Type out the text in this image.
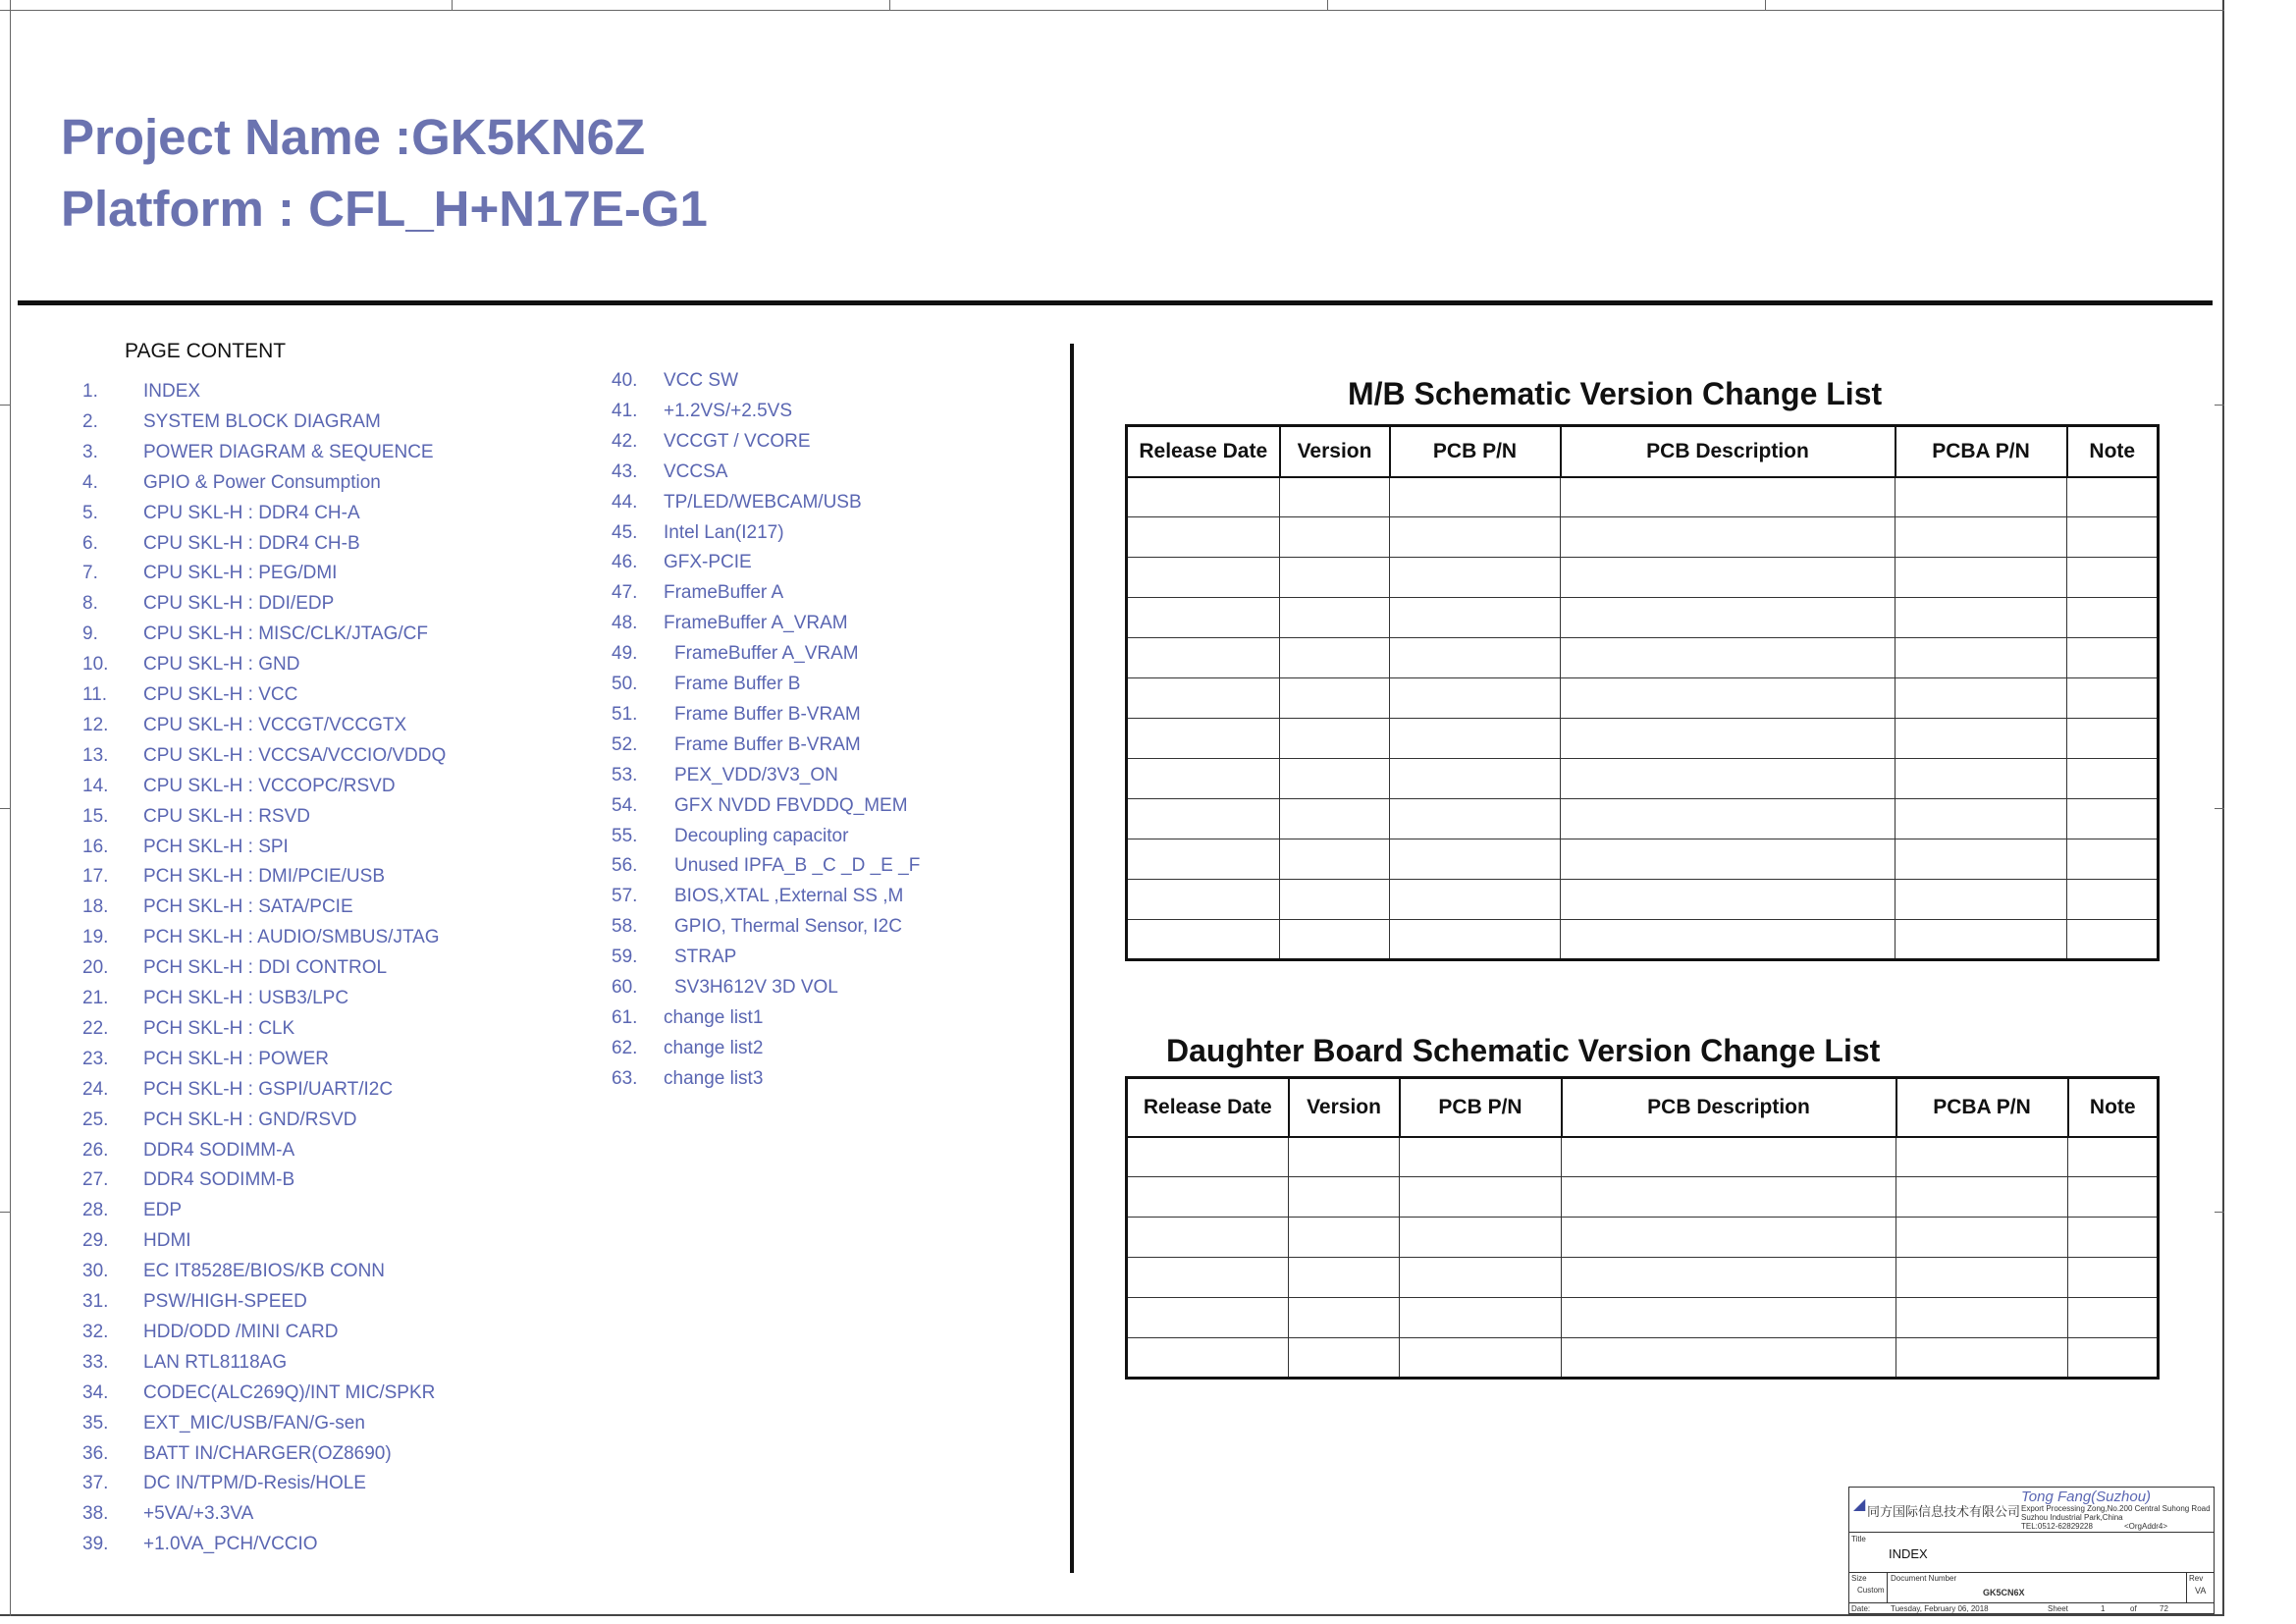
Project Name :GK5KN6Z
Platform : CFL_H+N17E-G1
PAGE CONTENT
1. INDEX
2. SYSTEM BLOCK DIAGRAM
3. POWER DIAGRAM & SEQUENCE
4. GPIO & Power Consumption
5. CPU SKL-H : DDR4 CH-A
6. CPU SKL-H : DDR4 CH-B
7. CPU SKL-H : PEG/DMI
8. CPU SKL-H : DDI/EDP
9. CPU SKL-H : MISC/CLK/JTAG/CF
10. CPU SKL-H : GND
11. CPU SKL-H : VCC
12. CPU SKL-H : VCCGT/VCCGTX
13. CPU SKL-H : VCCSA/VCCIO/VDDQ
14. CPU SKL-H : VCCOPC/RSVD
15. CPU SKL-H : RSVD
16. PCH SKL-H : SPI
17. PCH SKL-H : DMI/PCIE/USB
18. PCH SKL-H : SATA/PCIE
19. PCH SKL-H : AUDIO/SMBUS/JTAG
20. PCH SKL-H : DDI CONTROL
21. PCH SKL-H : USB3/LPC
22. PCH SKL-H : CLK
23. PCH SKL-H : POWER
24. PCH SKL-H : GSPI/UART/I2C
25. PCH SKL-H : GND/RSVD
26. DDR4 SODIMM-A
27. DDR4 SODIMM-B
28. EDP
29. HDMI
30. EC IT8528E/BIOS/KB CONN
31. PSW/HIGH-SPEED
32. HDD/ODD /MINI CARD
33. LAN RTL8118AG
34. CODEC(ALC269Q)/INT MIC/SPKR
35. EXT_MIC/USB/FAN/G-sen
36. BATT IN/CHARGER(OZ8690)
37. DC IN/TPM/D-Resis/HOLE
38. +5VA/+3.3VA
39. +1.0VA_PCH/VCCIO
40. VCC SW
41. +1.2VS/+2.5VS
42. VCCGT / VCORE
43. VCCSA
44. TP/LED/WEBCAM/USB
45. Intel Lan(I217)
46. GFX-PCIE
47. FrameBuffer A
48. FrameBuffer A_VRAM
49. FrameBuffer A_VRAM
50. Frame Buffer B
51. Frame Buffer B-VRAM
52. Frame Buffer B-VRAM
53. PEX_VDD/3V3_ON
54. GFX NVDD FBVDDQ_MEM
55. Decoupling capacitor
56. Unused IPFA_B _C _D _E _F
57. BIOS,XTAL ,External SS ,M
58. GPIO, Thermal Sensor, I2C
59. STRAP
60. SV3H612V 3D VOL
61. change list1
62. change list2
63. change list3
M/B Schematic Version Change List
Release Date	Version	PCB P/N	PCB Description	PCBA P/N	Note

Daughter Board Schematic Version Change List
Release Date	Version	PCB P/N	PCB Description	PCBA P/N	Note

◢ 同方国际信息技术有限公司
Tong Fang(Suzhou)
Export Processing Zong,No.200 Central Suhong Road
Suzhou Industrial Park,China
TEL:0512-62829228	<OrgAddr4>
Title
INDEX
Size
Custom
Document Number
GK5CN6X
Rev
VA
Date:	Tuesday, February 06, 2018	Sheet	1	of	72
